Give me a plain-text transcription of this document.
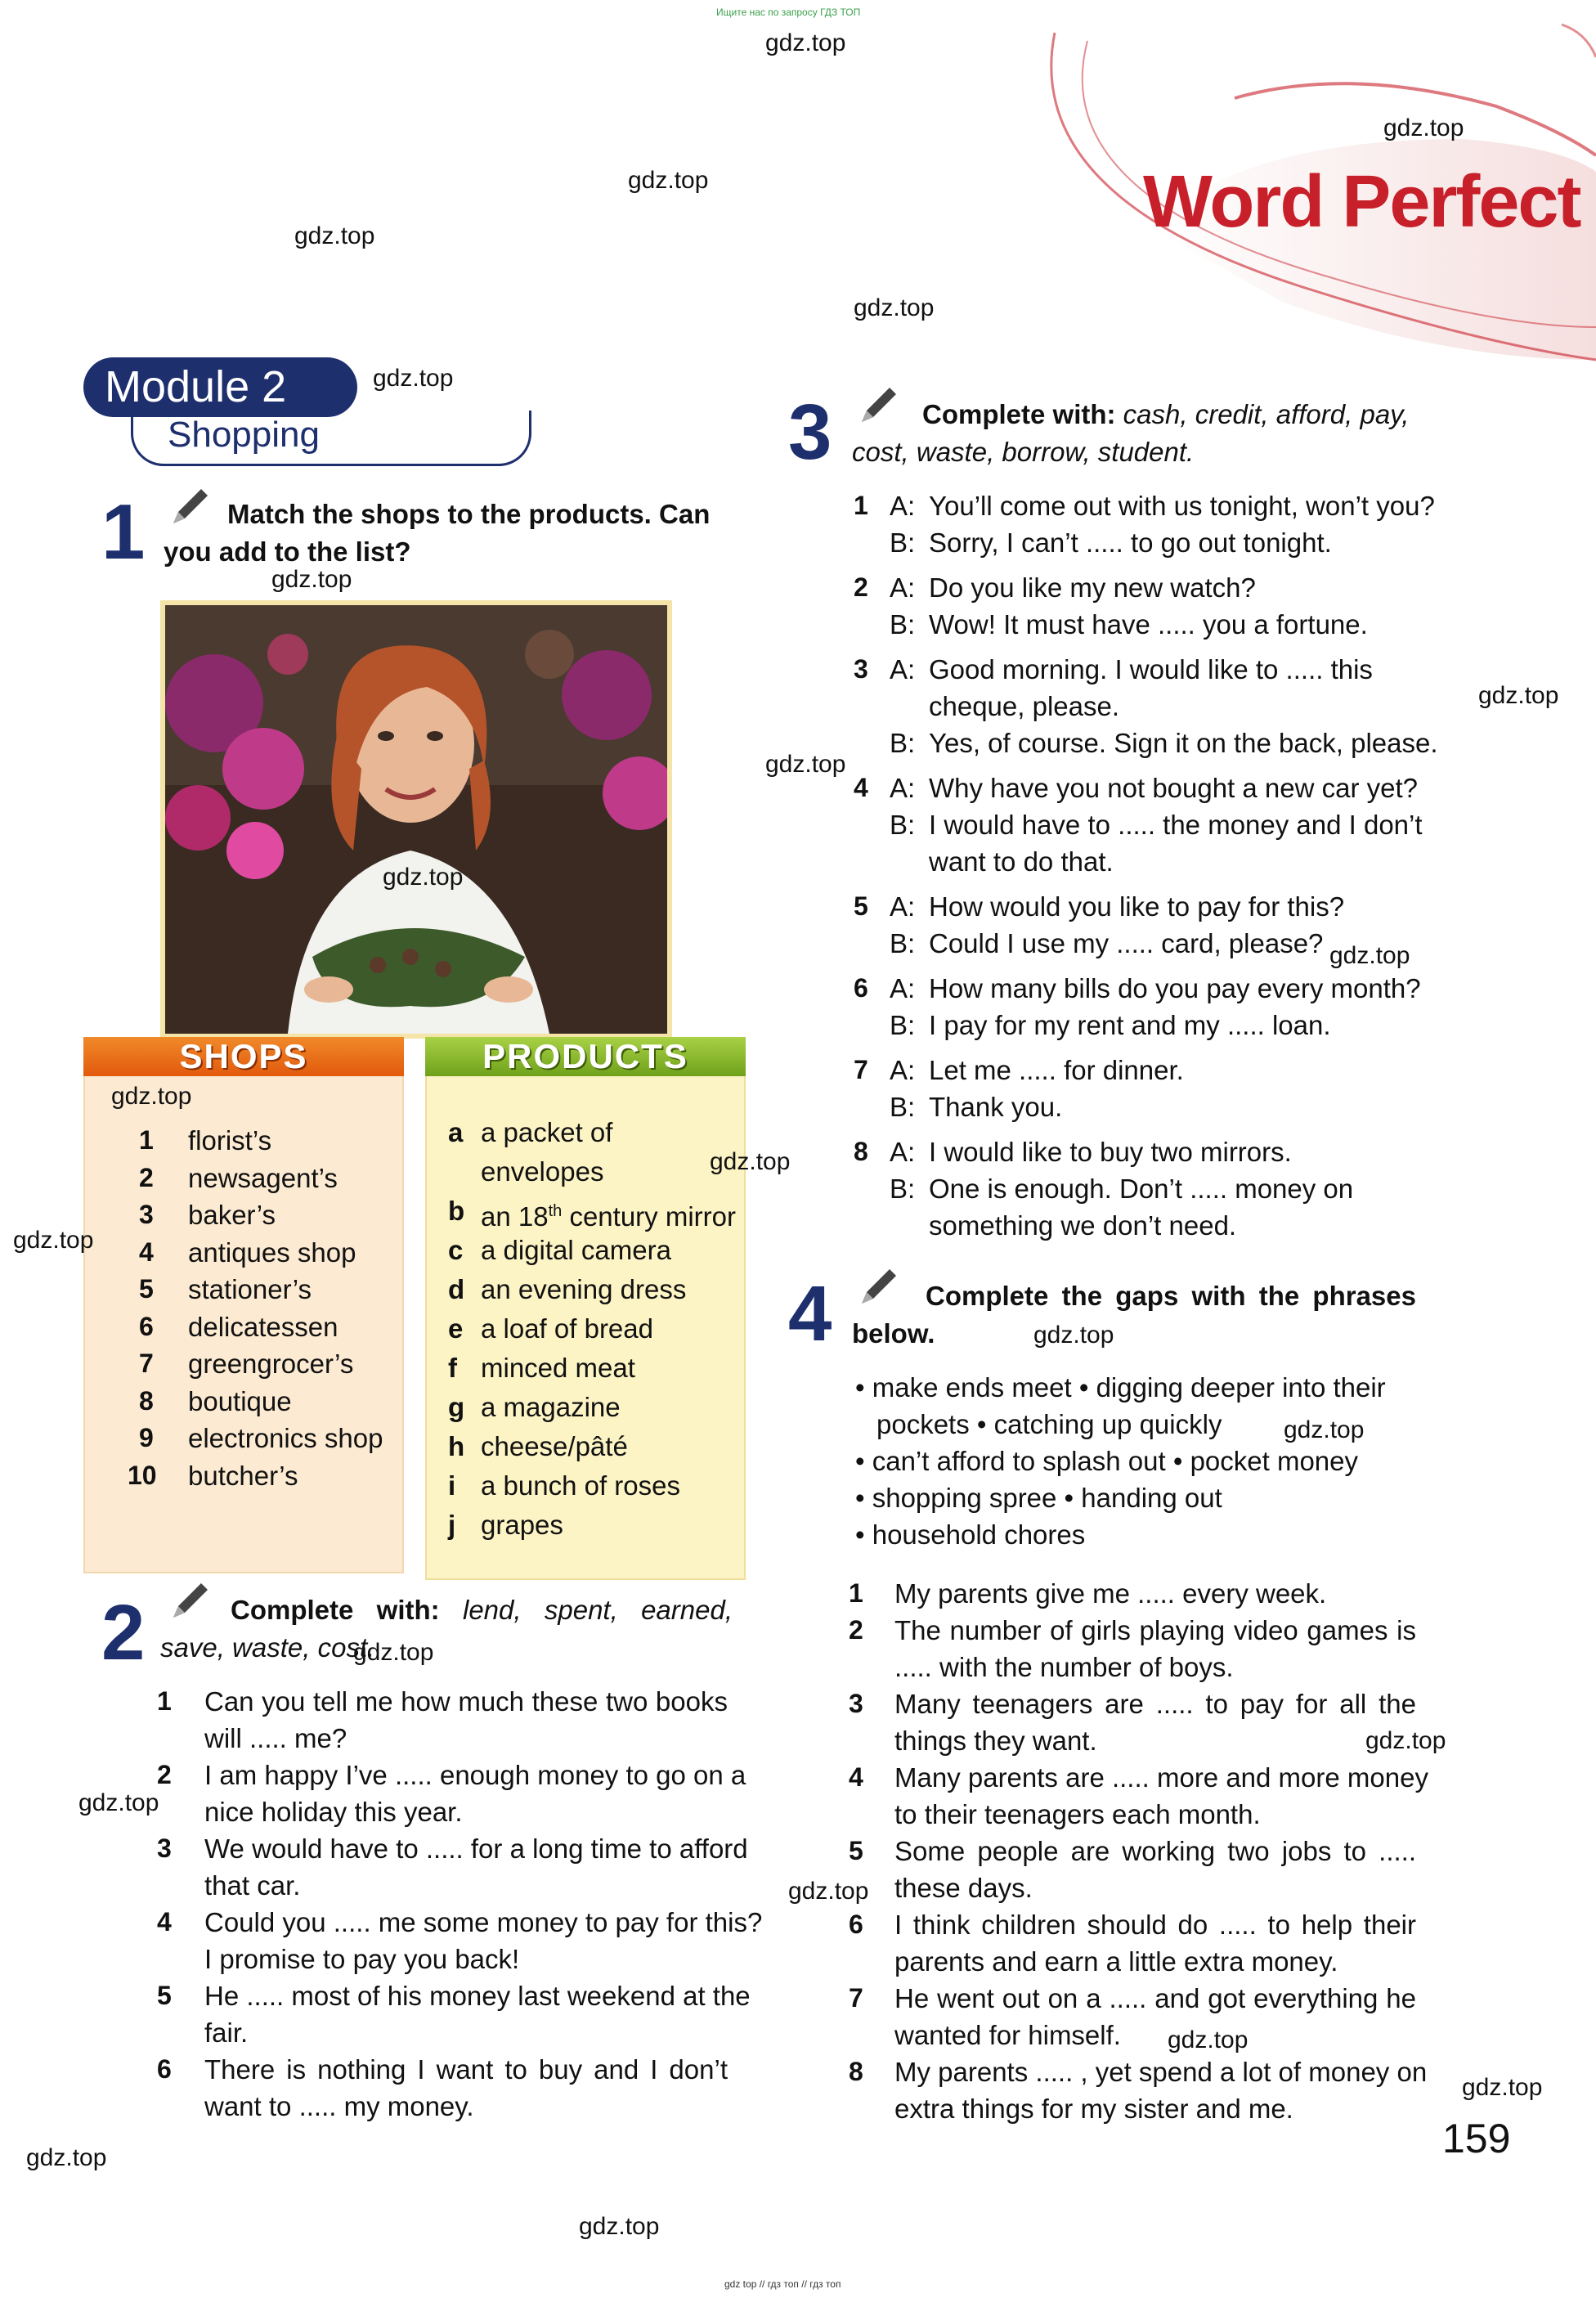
Ищите нас по запросу ГДЗ ТОП
Word Perfect
Module 2
Shopping
1	Match the shops to the products. Can you add to the list?
SHOPS	PRODUCTS
1 florist’s
2 newsagent’s
3 baker’s
4 antiques shop
5 stationer’s
6 delicatessen
7 greengrocer’s
8 boutique
9 electronics shop
10 butcher’s
a a packet of
envelopes
b an 18th century mirror
c a digital camera
d an evening dress
e a loaf of bread
f minced meat
g a magazine
h cheese/pâté
i a bunch of roses
j grapes
2	Complete with: lend, spent, earned, save, waste, cost.
1 Can you tell me how much these two books
will ..... me?
2 I am happy I’ve ..... enough money to go on a
nice holiday this year.
3 We would have to ..... for a long time to afford
that car.
4 Could you ..... me some money to pay for this?
I promise to pay you back!
5 He ..... most of his money last weekend at the
fair.
6 There is nothing I want to buy and I don’t
want to ..... my money.
3	Complete with: cash, credit, afford, pay, cost, waste, borrow, student.
1 A: You’ll come out with us tonight, won’t you?
B: Sorry, I can’t ..... to go out tonight.
2 A: Do you like my new watch?
B: Wow! It must have ..... you a fortune.
3 A: Good morning. I would like to ..... this
cheque, please.
B: Yes, of course. Sign it on the back, please.
4 A: Why have you not bought a new car yet?
B: I would have to ..... the money and I don’t
want to do that.
5 A: How would you like to pay for this?
B: Could I use my ..... card, please?
6 A: How many bills do you pay every month?
B: I pay for my rent and my ..... loan.
7 A: Let me ..... for dinner.
B: Thank you.
8 A: I would like to buy two mirrors.
B: One is enough. Don’t ..... money on
something we don’t need.
4	Complete the gaps with the phrases below.
• make ends meet • digging deeper into their
pockets • catching up quickly
• can’t afford to splash out • pocket money
• shopping spree • handing out
• household chores
1 My parents give me ..... every week.
2 The number of girls playing video games is
..... with the number of boys.
3 Many teenagers are ..... to pay for all the
things they want.
4 Many parents are ..... more and more money
to their teenagers each month.
5 Some people are working two jobs to .....
these days.
6 I think children should do ..... to help their
parents and earn a little extra money.
7 He went out on a ..... and got everything he
wanted for himself.
8 My parents ..... , yet spend a lot of money on
extra things for my sister and me.
159
gdz top // гдз топ // гдз топ
gdz.top
gdz.top
gdz.top
gdz.top
gdz.top
gdz.top
gdz.top
gdz.top
gdz.top
gdz.top
gdz.top
gdz.top
gdz.top
gdz.top
gdz.top
gdz.top
gdz.top
gdz.top
gdz.top
gdz.top
gdz.top
gdz.top
gdz.top
gdz.top
